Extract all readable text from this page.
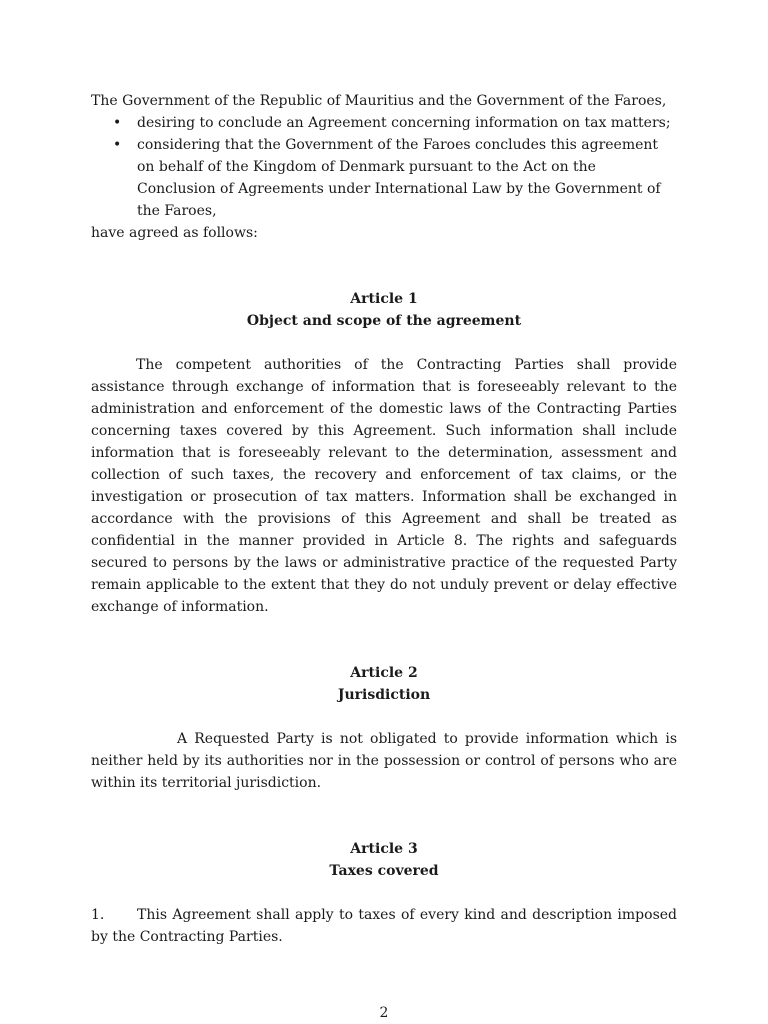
The Government of the Republic of Mauritius and the Government of the Faroes,

• desiring to conclude an Agreement concerning information on tax matters;
• considering that the Government of the Faroes concludes this agreement on behalf of the Kingdom of Denmark pursuant to the Act on the Conclusion of Agreements under International Law by the Government of the Faroes,

have agreed as follows:

Article 1

Object and scope of the agreement

The competent authorities of the Contracting Parties shall provide assistance through exchange of information that is foreseeably relevant to the administration and enforcement of the domestic laws of the Contracting Parties concerning taxes covered by this Agreement. Such information shall include information that is foreseeably relevant to the determination, assessment and collection of such taxes, the recovery and enforcement of tax claims, or the investigation or prosecution of tax matters. Information shall be exchanged in accordance with the provisions of this Agreement and shall be treated as confidential in the manner provided in Article 8. The rights and safeguards secured to persons by the laws or administrative practice of the requested Party remain applicable to the extent that they do not unduly prevent or delay effective exchange of information.

Article 2

Jurisdiction

A Requested Party is not obligated to provide information which is neither held by its authorities nor in the possession or control of persons who are within its territorial jurisdiction.

Article 3

Taxes covered

1. This Agreement shall apply to taxes of every kind and description imposed by the Contracting Parties.

2
